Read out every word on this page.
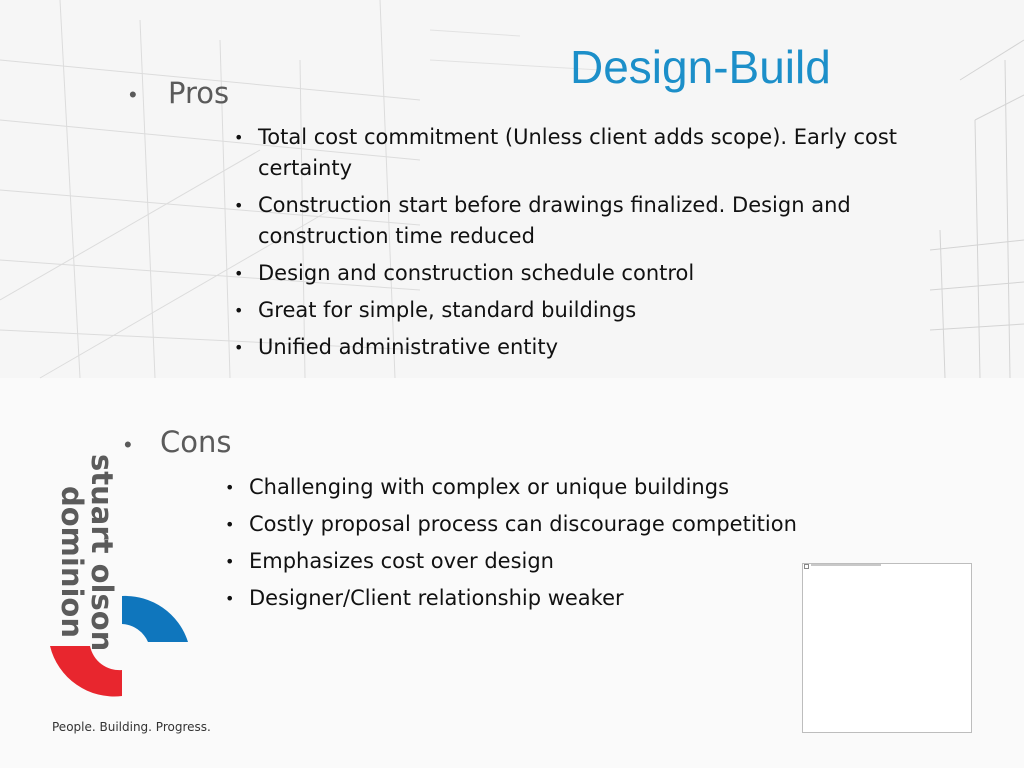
Design-Build
• Pros
• Total cost commitment (Unless client adds scope). Early cost certainty
• Construction start before drawings finalized. Design and construction time reduced
• Design and construction schedule control
• Great for simple, standard buildings
• Unified administrative entity
• Cons
• Challenging with complex or unique buildings
• Costly proposal process can discourage competition
• Emphasizes cost over design
• Designer/Client relationship weaker
stuart olson
dominion
People. Building. Progress.
